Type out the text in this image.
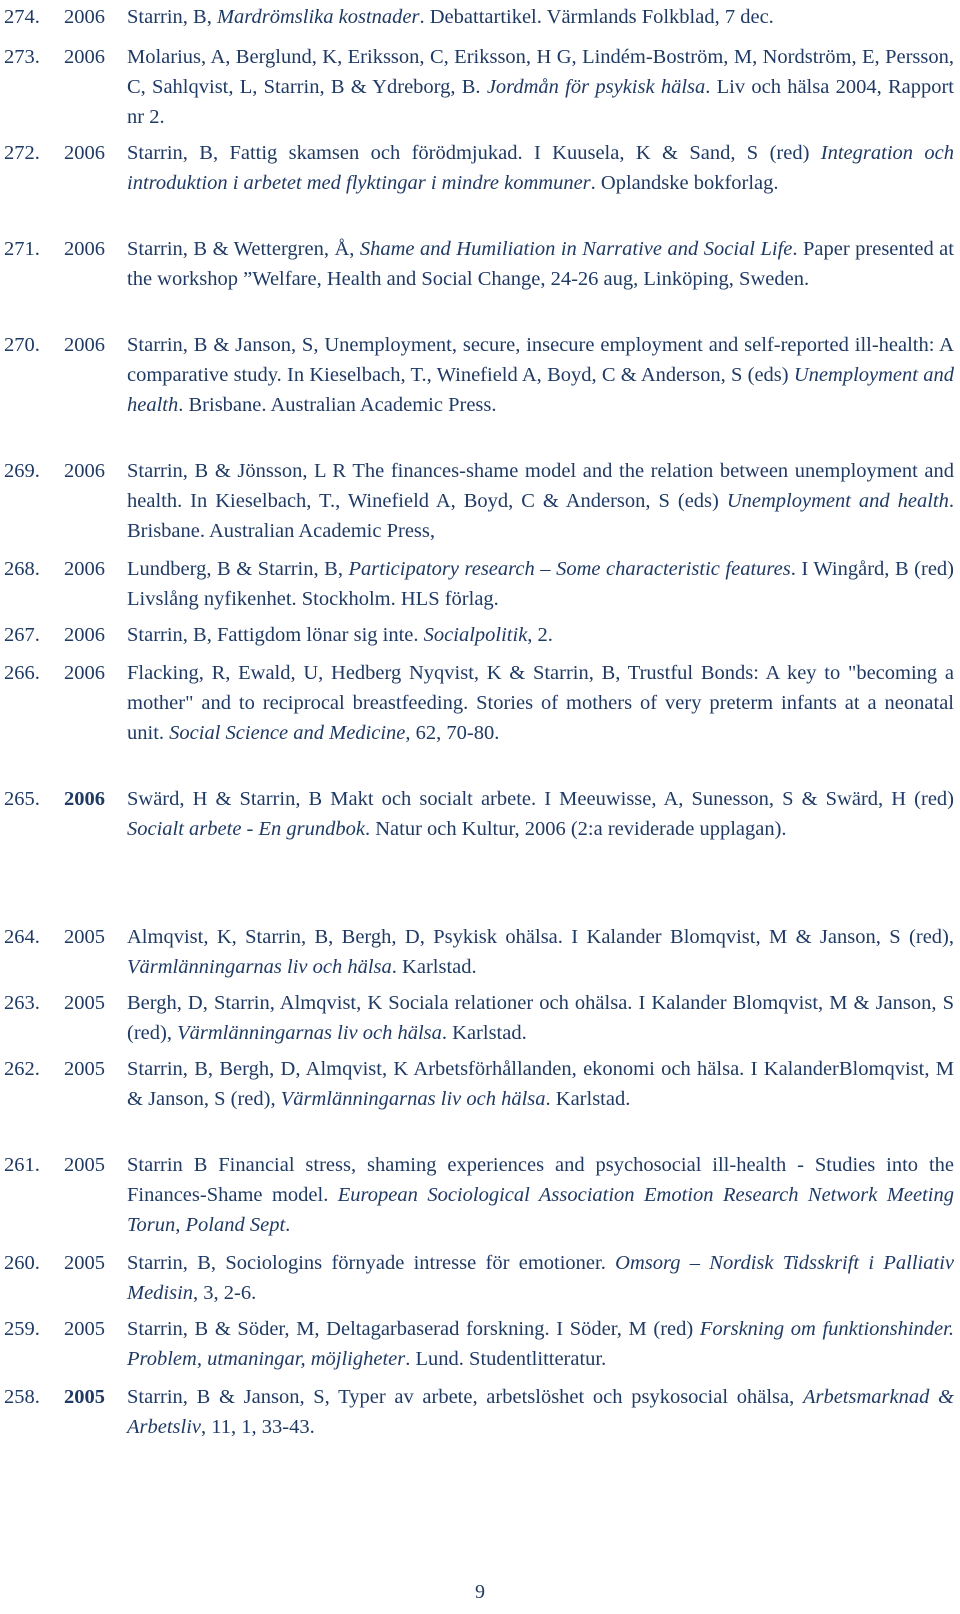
274.	2006	Starrin, B, Mardrömslika kostnader. Debattartikel. Värmlands Folkblad, 7 dec.
273.	2006	Molarius, A, Berglund, K, Eriksson, C, Eriksson, H G, Lindém-Boström, M, Nordström, E, Persson, C, Sahlqvist, L, Starrin, B & Ydreborg, B. Jordmån för psykisk hälsa. Liv och hälsa 2004, Rapport nr 2.
272.	2006	Starrin, B, Fattig skamsen och förödmjukad. I Kuusela, K & Sand, S (red) Integration och introduktion i arbetet med flyktingar i mindre kommuner. Oplandske bokforlag.
271.	2006	Starrin, B & Wettergren, Å, Shame and Humiliation in Narrative and Social Life. Paper presented at the workshop ”Welfare, Health and Social Change, 24-26 aug, Linköping, Sweden.
270.	2006	Starrin, B & Janson, S, Unemployment, secure, insecure employment and self-reported ill-health: A comparative study. In Kieselbach, T., Winefield A, Boyd, C & Anderson, S (eds) Unemployment and health. Brisbane. Australian Academic Press.
269.	2006	Starrin, B & Jönsson, L R The finances-shame model and the relation between unemployment and health. In Kieselbach, T., Winefield A, Boyd, C & Anderson, S (eds) Unemployment and health. Brisbane. Australian Academic Press,
268.	2006	Lundberg, B & Starrin, B, Participatory research – Some characteristic features. I Wingård, B (red) Livslång nyfikenhet. Stockholm. HLS förlag.
267.	2006	Starrin, B, Fattigdom lönar sig inte. Socialpolitik, 2.
266.	2006	Flacking, R, Ewald, U, Hedberg Nyqvist, K & Starrin, B, Trustful Bonds: A key to "becoming a mother" and to reciprocal breastfeeding. Stories of mothers of very preterm infants at a neonatal unit. Social Science and Medicine, 62, 70-80.
265.	2006	Swärd, H & Starrin, B Makt och socialt arbete. I Meeuwisse, A, Sunesson, S & Swärd, H (red) Socialt arbete - En grundbok. Natur och Kultur, 2006 (2:a reviderade upplagan).
264.	2005	Almqvist, K, Starrin, B, Bergh, D, Psykisk ohälsa. I Kalander Blomqvist, M & Janson, S (red), Värmlänningarnas liv och hälsa. Karlstad.
263.	2005	Bergh, D, Starrin, Almqvist, K Sociala relationer och ohälsa. I Kalander Blomqvist, M & Janson, S (red), Värmlänningarnas liv och hälsa. Karlstad.
262.	2005	Starrin, B, Bergh, D, Almqvist, K Arbetsförhållanden, ekonomi och hälsa. I KalanderBlomqvist, M & Janson, S (red), Värmlänningarnas liv och hälsa. Karlstad.
261.	2005	Starrin B Financial stress, shaming experiences and psychosocial ill-health - Studies into the Finances-Shame model. European Sociological Association Emotion Research Network Meeting Torun, Poland Sept.
260.	2005	Starrin, B, Sociologins förnyade intresse för emotioner. Omsorg – Nordisk Tidsskrift i Palliativ Medisin, 3, 2-6.
259.	2005	Starrin, B & Söder, M, Deltagarbaserad forskning. I Söder, M (red) Forskning om funktionshinder. Problem, utmaningar, möjligheter. Lund. Studentlitteratur.
258.	2005	Starrin, B & Janson, S, Typer av arbete, arbetslöshet och psykosocial ohälsa, Arbetsmarknad & Arbetsliv, 11, 1, 33-43.
9
